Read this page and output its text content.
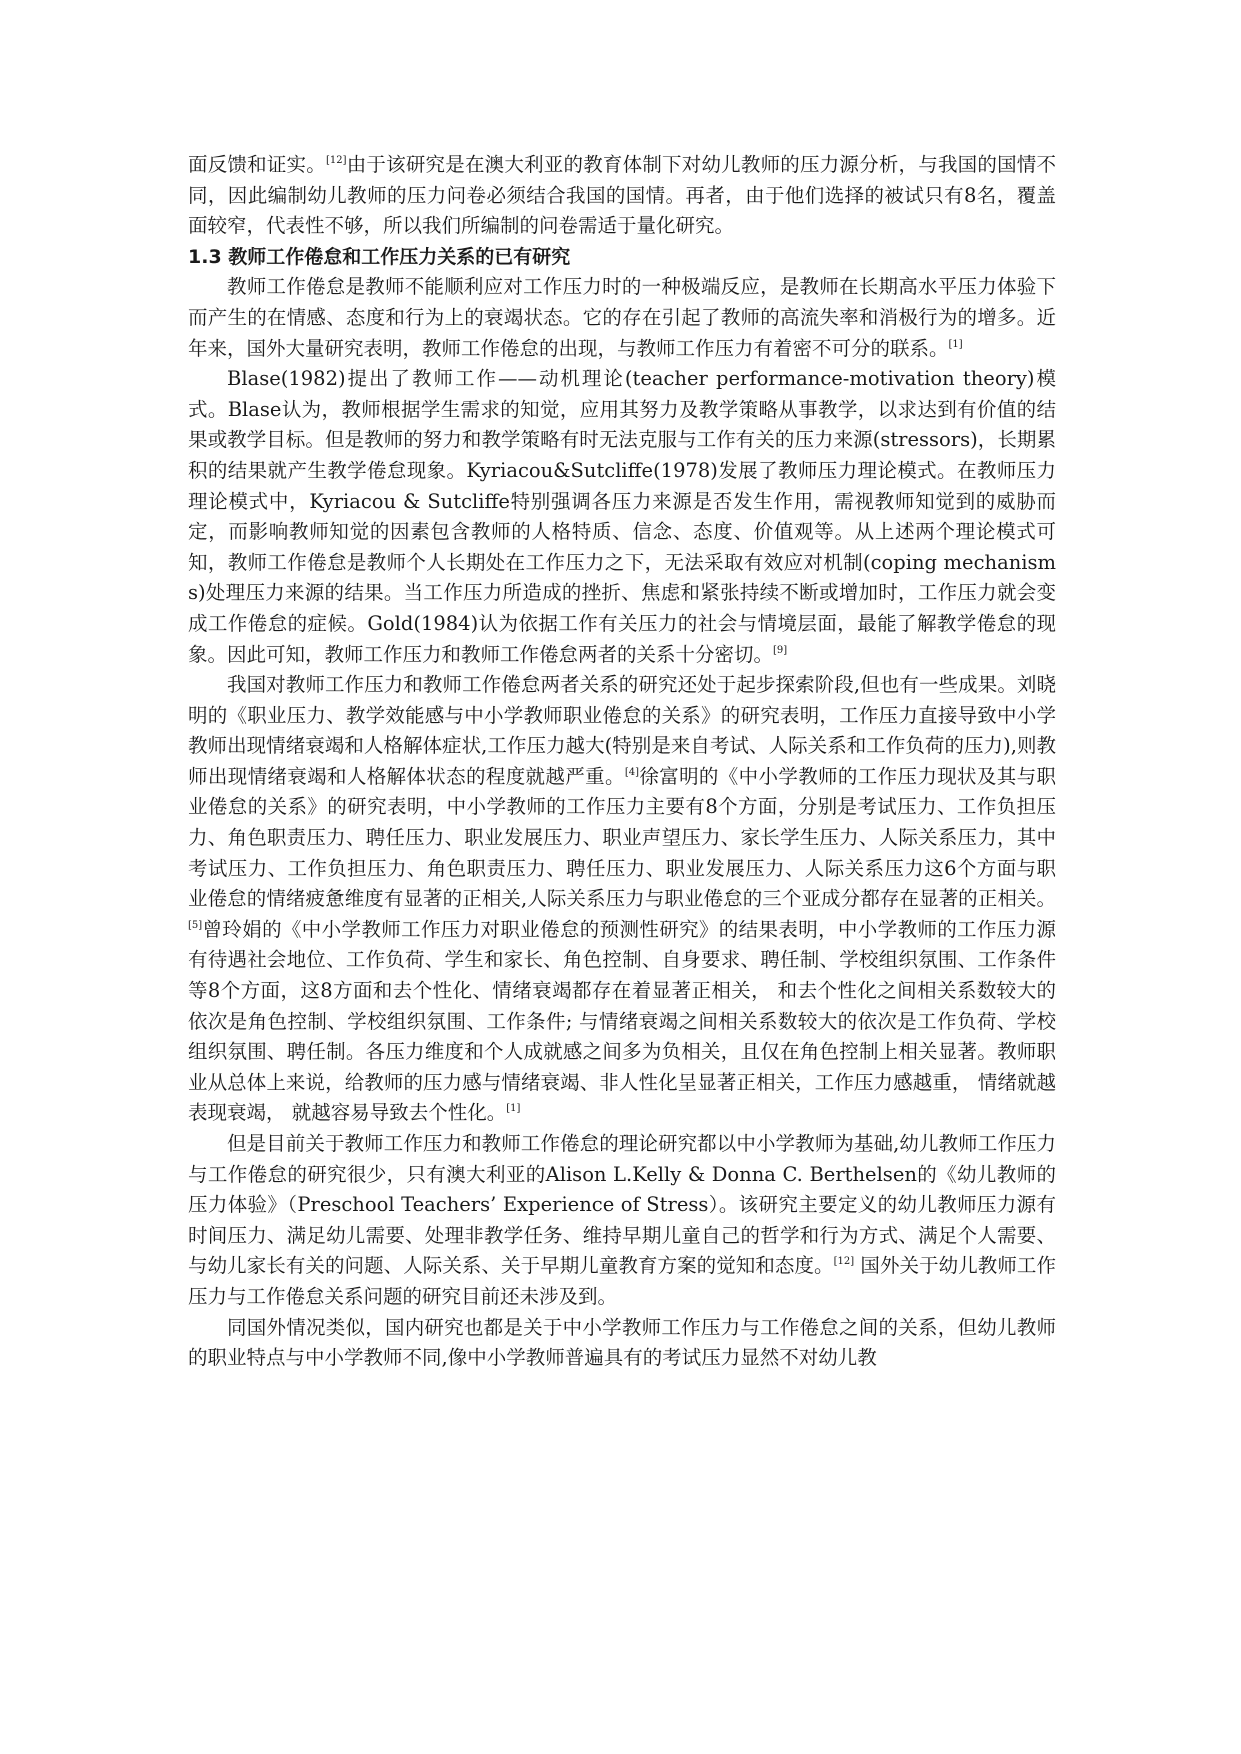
面反馈和证实。[12]由于该研究是在澳大利亚的教育体制下对幼儿教师的压力源分析，与我国的国情不同，因此编制幼儿教师的压力问卷必须结合我国的国情。再者，由于他们选择的被试只有8名，覆盖面较窄，代表性不够，所以我们所编制的问卷需适于量化研究。

1.3 教师工作倦怠和工作压力关系的已有研究

教师工作倦怠是教师不能顺利应对工作压力时的一种极端反应，是教师在长期高水平压力体验下而产生的在情感、态度和行为上的衰竭状态。它的存在引起了教师的高流失率和消极行为的增多。近年来，国外大量研究表明，教师工作倦怠的出现，与教师工作压力有着密不可分的联系。[1]

Blase(1982)提出了教师工作——动机理论(teacher performance-motivation theory)模式。Blase认为，教师根据学生需求的知觉，应用其努力及教学策略从事教学，以求达到有价值的结果或教学目标。但是教师的努力和教学策略有时无法克服与工作有关的压力来源(stressors)，长期累积的结果就产生教学倦怠现象。Kyriacou&Sutcliffe(1978)发展了教师压力理论模式。在教师压力理论模式中，Kyriacou & Sutcliffe特别强调各压力来源是否发生作用，需视教师知觉到的威胁而定，而影响教师知觉的因素包含教师的人格特质、信念、态度、价值观等。从上述两个理论模式可知，教师工作倦怠是教师个人长期处在工作压力之下，无法采取有效应对机制(coping mechanisms)处理压力来源的结果。当工作压力所造成的挫折、焦虑和紧张持续不断或增加时，工作压力就会变成工作倦怠的症候。Gold(1984)认为依据工作有关压力的社会与情境层面，最能了解教学倦怠的现象。因此可知，教师工作压力和教师工作倦怠两者的关系十分密切。[9]

我国对教师工作压力和教师工作倦怠两者关系的研究还处于起步探索阶段,但也有一些成果。刘晓明的《职业压力、教学效能感与中小学教师职业倦怠的关系》的研究表明，工作压力直接导致中小学教师出现情绪衰竭和人格解体症状,工作压力越大(特别是来自考试、人际关系和工作负荷的压力),则教师出现情绪衰竭和人格解体状态的程度就越严重。[4]徐富明的《中小学教师的工作压力现状及其与职业倦怠的关系》的研究表明，中小学教师的工作压力主要有8个方面，分别是考试压力、工作负担压力、角色职责压力、聘任压力、职业发展压力、职业声望压力、家长学生压力、人际关系压力，其中考试压力、工作负担压力、角色职责压力、聘任压力、职业发展压力、人际关系压力这6个方面与职业倦怠的情绪疲惫维度有显著的正相关,人际关系压力与职业倦怠的三个亚成分都存在显著的正相关。[5]曾玲娟的《中小学教师工作压力对职业倦怠的预测性研究》的结果表明，中小学教师的工作压力源有待遇社会地位、工作负荷、学生和家长、角色控制、自身要求、聘任制、学校组织氛围、工作条件等8个方面，这8方面和去个性化、情绪衰竭都存在着显著正相关， 和去个性化之间相关系数较大的依次是角色控制、学校组织氛围、工作条件; 与情绪衰竭之间相关系数较大的依次是工作负荷、学校组织氛围、聘任制。各压力维度和个人成就感之间多为负相关，且仅在角色控制上相关显著。教师职业从总体上来说，给教师的压力感与情绪衰竭、非人性化呈显著正相关，工作压力感越重， 情绪就越表现衰竭， 就越容易导致去个性化。[1]

但是目前关于教师工作压力和教师工作倦怠的理论研究都以中小学教师为基础,幼儿教师工作压力与工作倦怠的研究很少，只有澳大利亚的Alison L.Kelly & Donna C. Berthelsen的《幼儿教师的压力体验》（Preschool Teachers’ Experience of Stress）。该研究主要定义的幼儿教师压力源有时间压力、满足幼儿需要、处理非教学任务、维持早期儿童自己的哲学和行为方式、满足个人需要、与幼儿家长有关的问题、人际关系、关于早期儿童教育方案的觉知和态度。[12] 国外关于幼儿教师工作压力与工作倦怠关系问题的研究目前还未涉及到。

同国外情况类似，国内研究也都是关于中小学教师工作压力与工作倦怠之间的关系，但幼儿教师的职业特点与中小学教师不同,像中小学教师普遍具有的考试压力显然不对幼儿教
